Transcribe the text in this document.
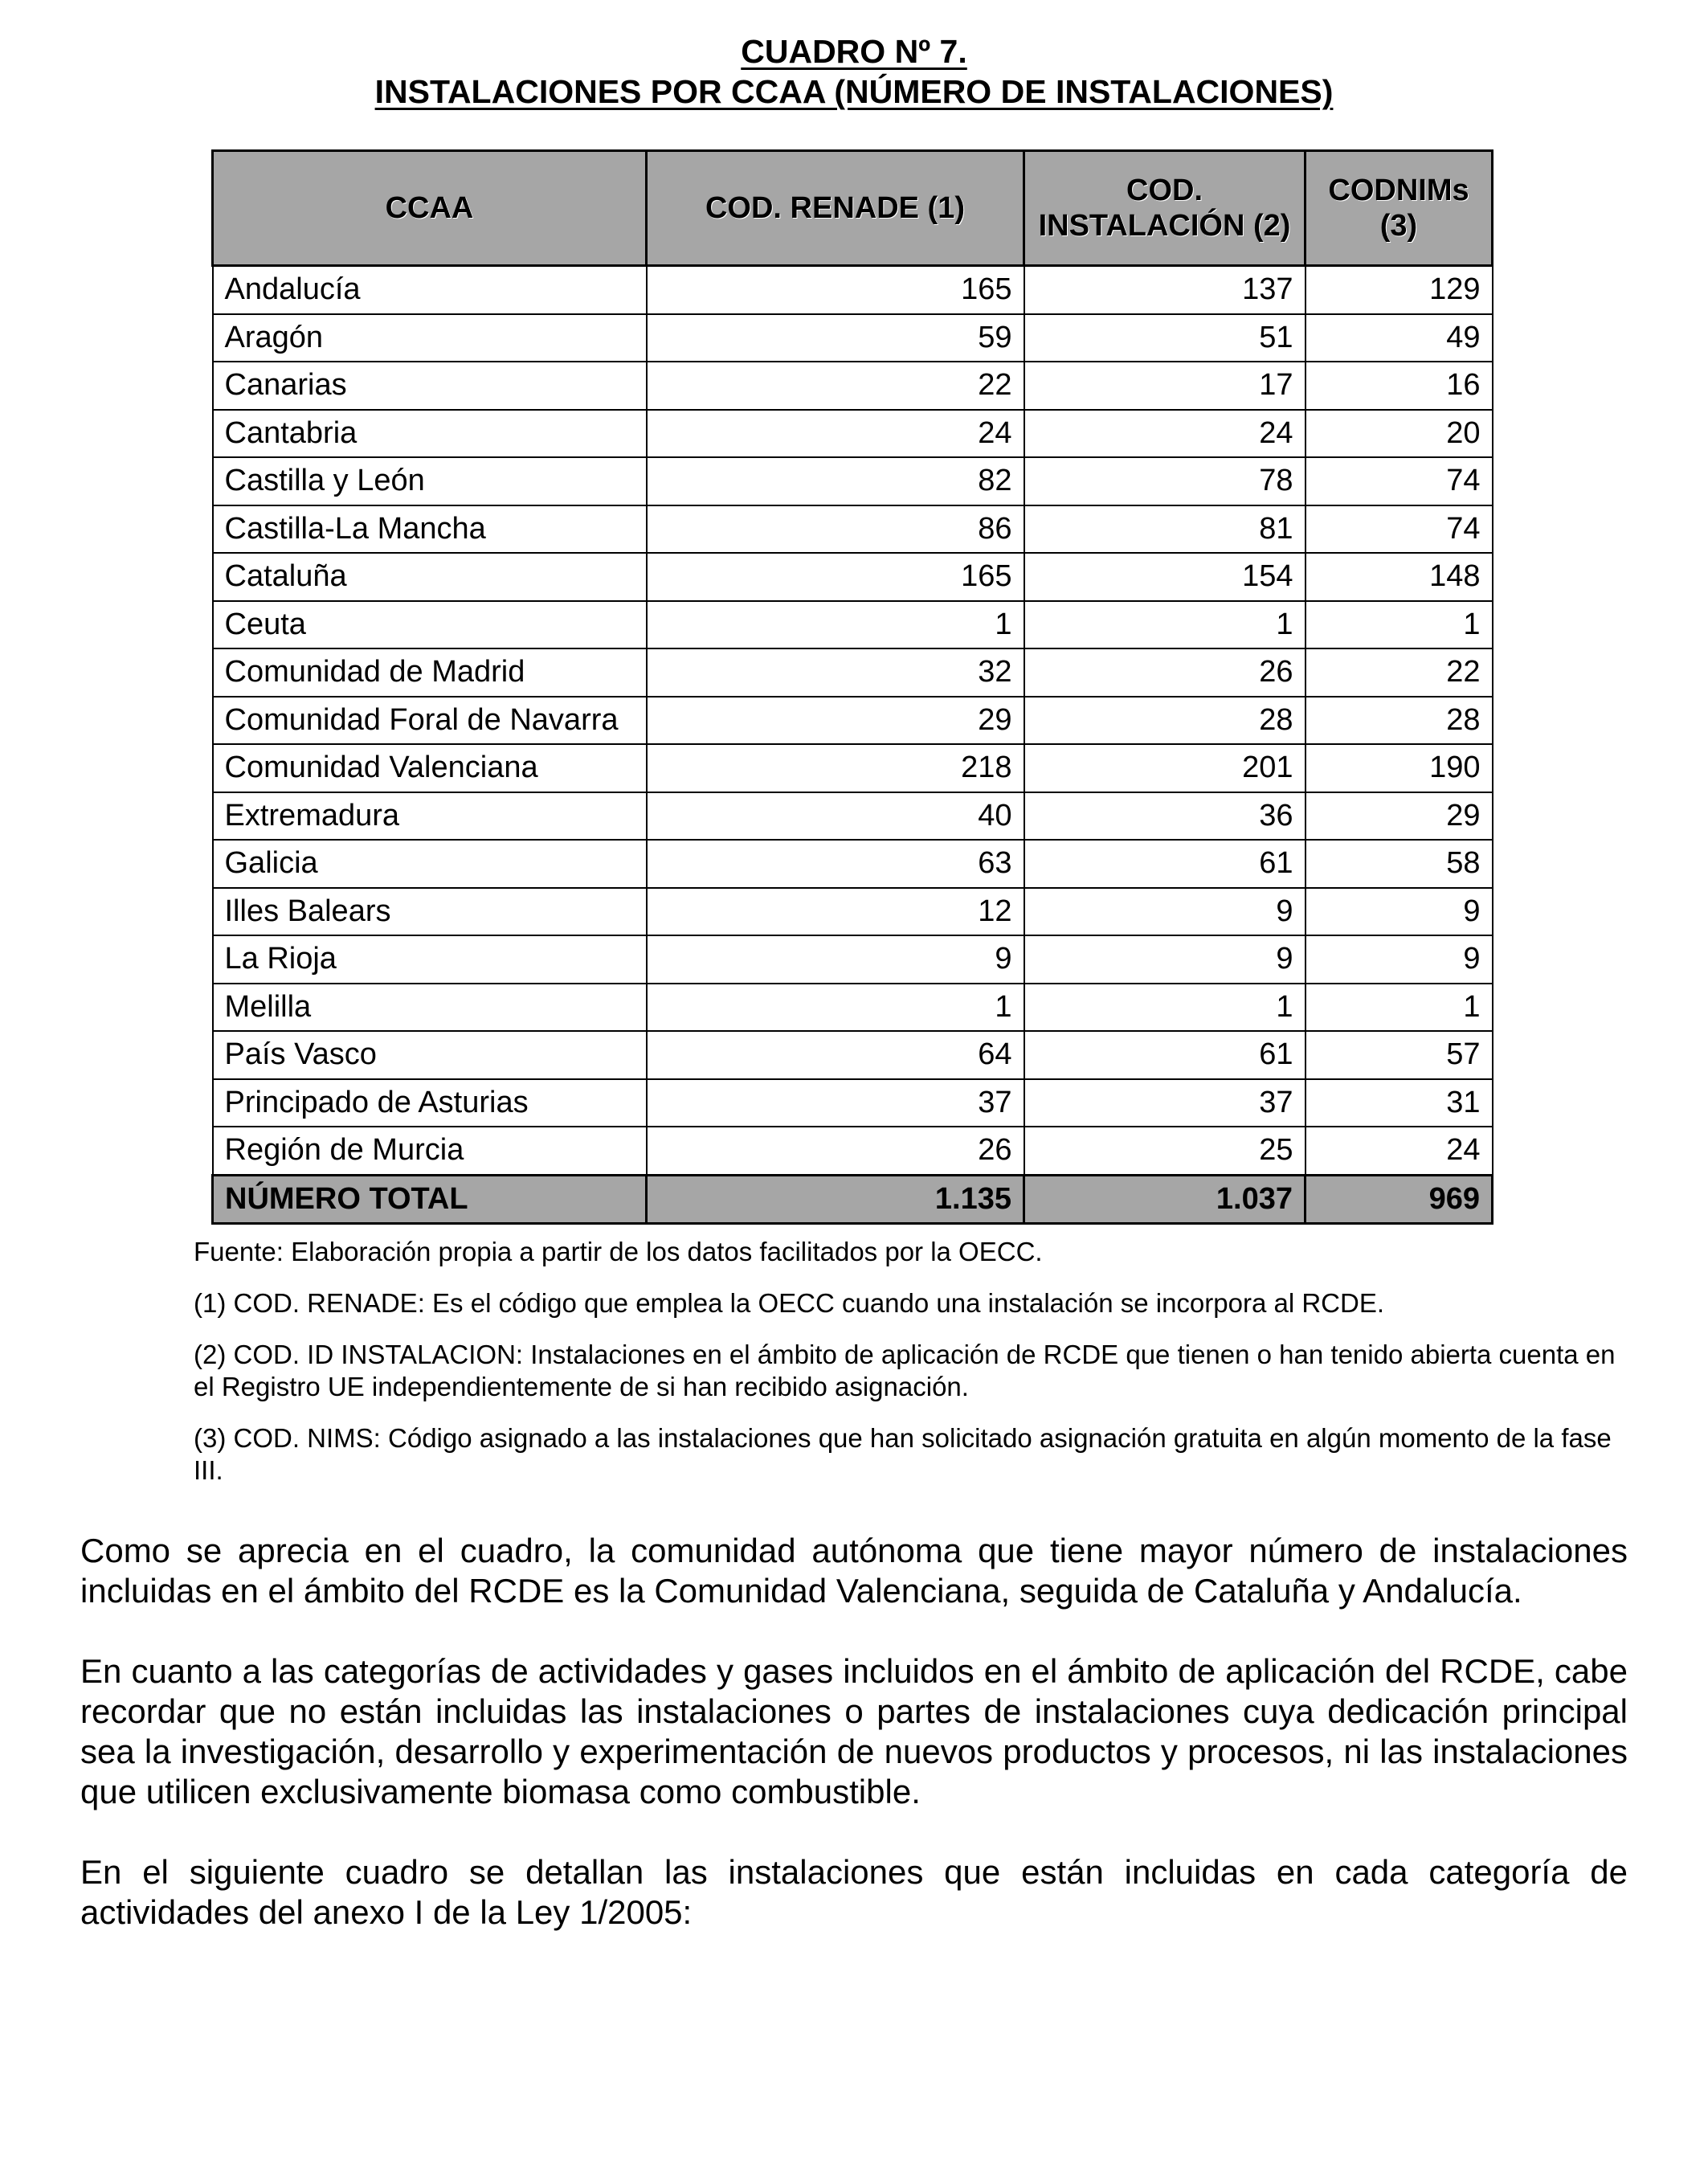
CUADRO Nº 7.
INSTALACIONES POR CCAA (NÚMERO DE INSTALACIONES)
CCAA	COD. RENADE (1)	COD. INSTALACIÓN (2)	CODNIMs (3)
Andalucía	165	137	129
Aragón	59	51	49
Canarias	22	17	16
Cantabria	24	24	20
Castilla y León	82	78	74
Castilla-La Mancha	86	81	74
Cataluña	165	154	148
Ceuta	1	1	1
Comunidad de Madrid	32	26	22
Comunidad Foral de Navarra	29	28	28
Comunidad Valenciana	218	201	190
Extremadura	40	36	29
Galicia	63	61	58
Illes Balears	12	9	9
La Rioja	9	9	9
Melilla	1	1	1
País Vasco	64	61	57
Principado de Asturias	37	37	31
Región de Murcia	26	25	24
NÚMERO TOTAL	1.135	1.037	969

Fuente: Elaboración propia a partir de los datos facilitados por la OECC.

(1) COD. RENADE: Es el código que emplea la OECC cuando una instalación se incorpora al RCDE.

(2) COD. ID INSTALACION: Instalaciones en el ámbito de aplicación de RCDE que tienen o han tenido abierta cuenta en el Registro UE independientemente de si han recibido asignación.

(3) COD. NIMS: Código asignado a las instalaciones que han solicitado asignación gratuita en algún momento de la fase III.

Como se aprecia en el cuadro, la comunidad autónoma que tiene mayor número de instalaciones incluidas en el ámbito del RCDE es la Comunidad Valenciana, seguida de Cataluña y Andalucía.

En cuanto a las categorías de actividades y gases incluidos en el ámbito de aplicación del RCDE, cabe recordar que no están incluidas las instalaciones o partes de instalaciones cuya dedicación principal sea la investigación, desarrollo y experimentación de nuevos productos y procesos, ni las instalaciones que utilicen exclusivamente biomasa como combustible.

En el siguiente cuadro se detallan las instalaciones que están incluidas en cada categoría de actividades del anexo I de la Ley 1/2005:
